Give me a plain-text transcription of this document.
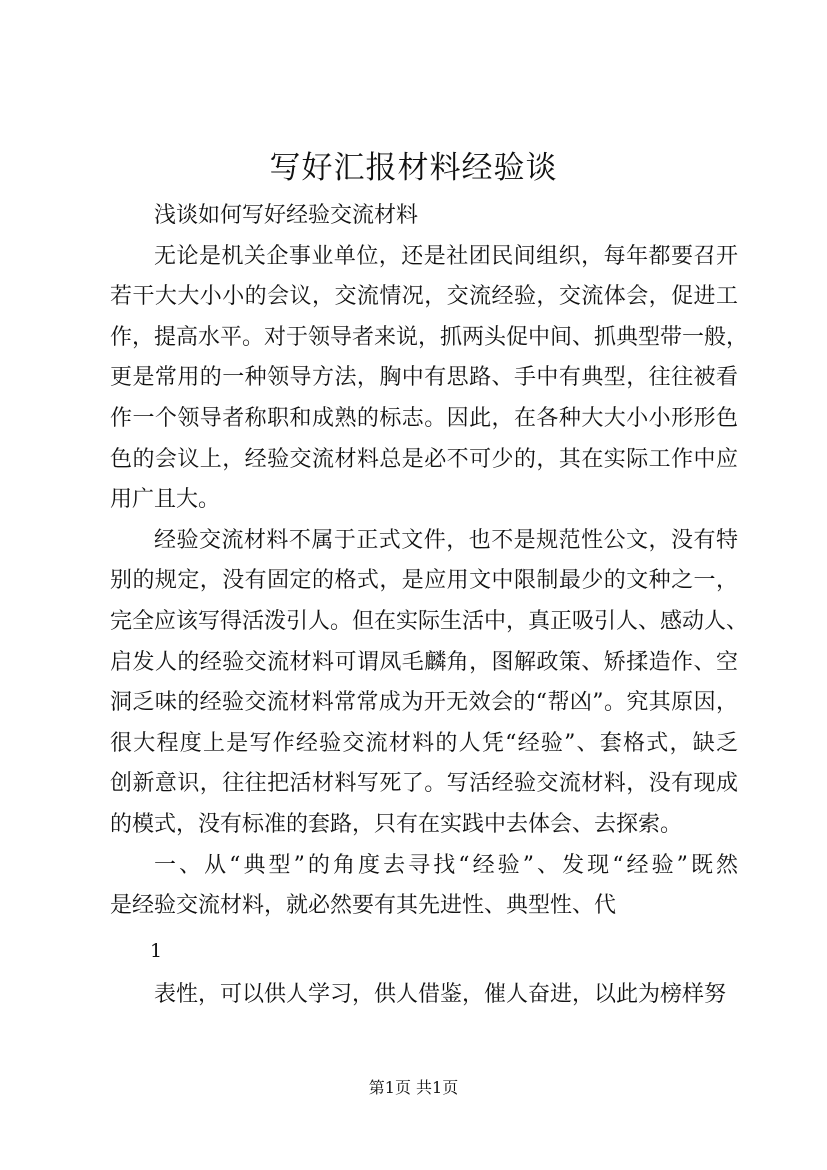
写好汇报材料经验谈
浅谈如何写好经验交流材料
无论是机关企事业单位，还是社团民间组织，每年都要召开
若干大大小小的会议，交流情况，交流经验，交流体会，促进工
作，提高水平。对于领导者来说，抓两头促中间、抓典型带一般，
更是常用的一种领导方法，胸中有思路、手中有典型，往往被看
作一个领导者称职和成熟的标志。因此，在各种大大小小形形色
色的会议上，经验交流材料总是必不可少的，其在实际工作中应
用广且大。
经验交流材料不属于正式文件，也不是规范性公文，没有特
别的规定，没有固定的格式，是应用文中限制最少的文种之一，
完全应该写得活泼引人。但在实际生活中，真正吸引人、感动人、
启发人的经验交流材料可谓凤毛麟角，图解政策、矫揉造作、空
洞乏味的经验交流材料常常成为开无效会的“帮凶”。究其原因，
很大程度上是写作经验交流材料的人凭“经验”、套格式，缺乏
创新意识，往往把活材料写死了。写活经验交流材料，没有现成
的模式，没有标准的套路，只有在实践中去体会、去探索。
一、从“典型”的角度去寻找“经验”、发现“经验”既然
是经验交流材料，就必然要有其先进性、典型性、代
1
表性，可以供人学习，供人借鉴，催人奋进，以此为榜样努
第1页 共1页
